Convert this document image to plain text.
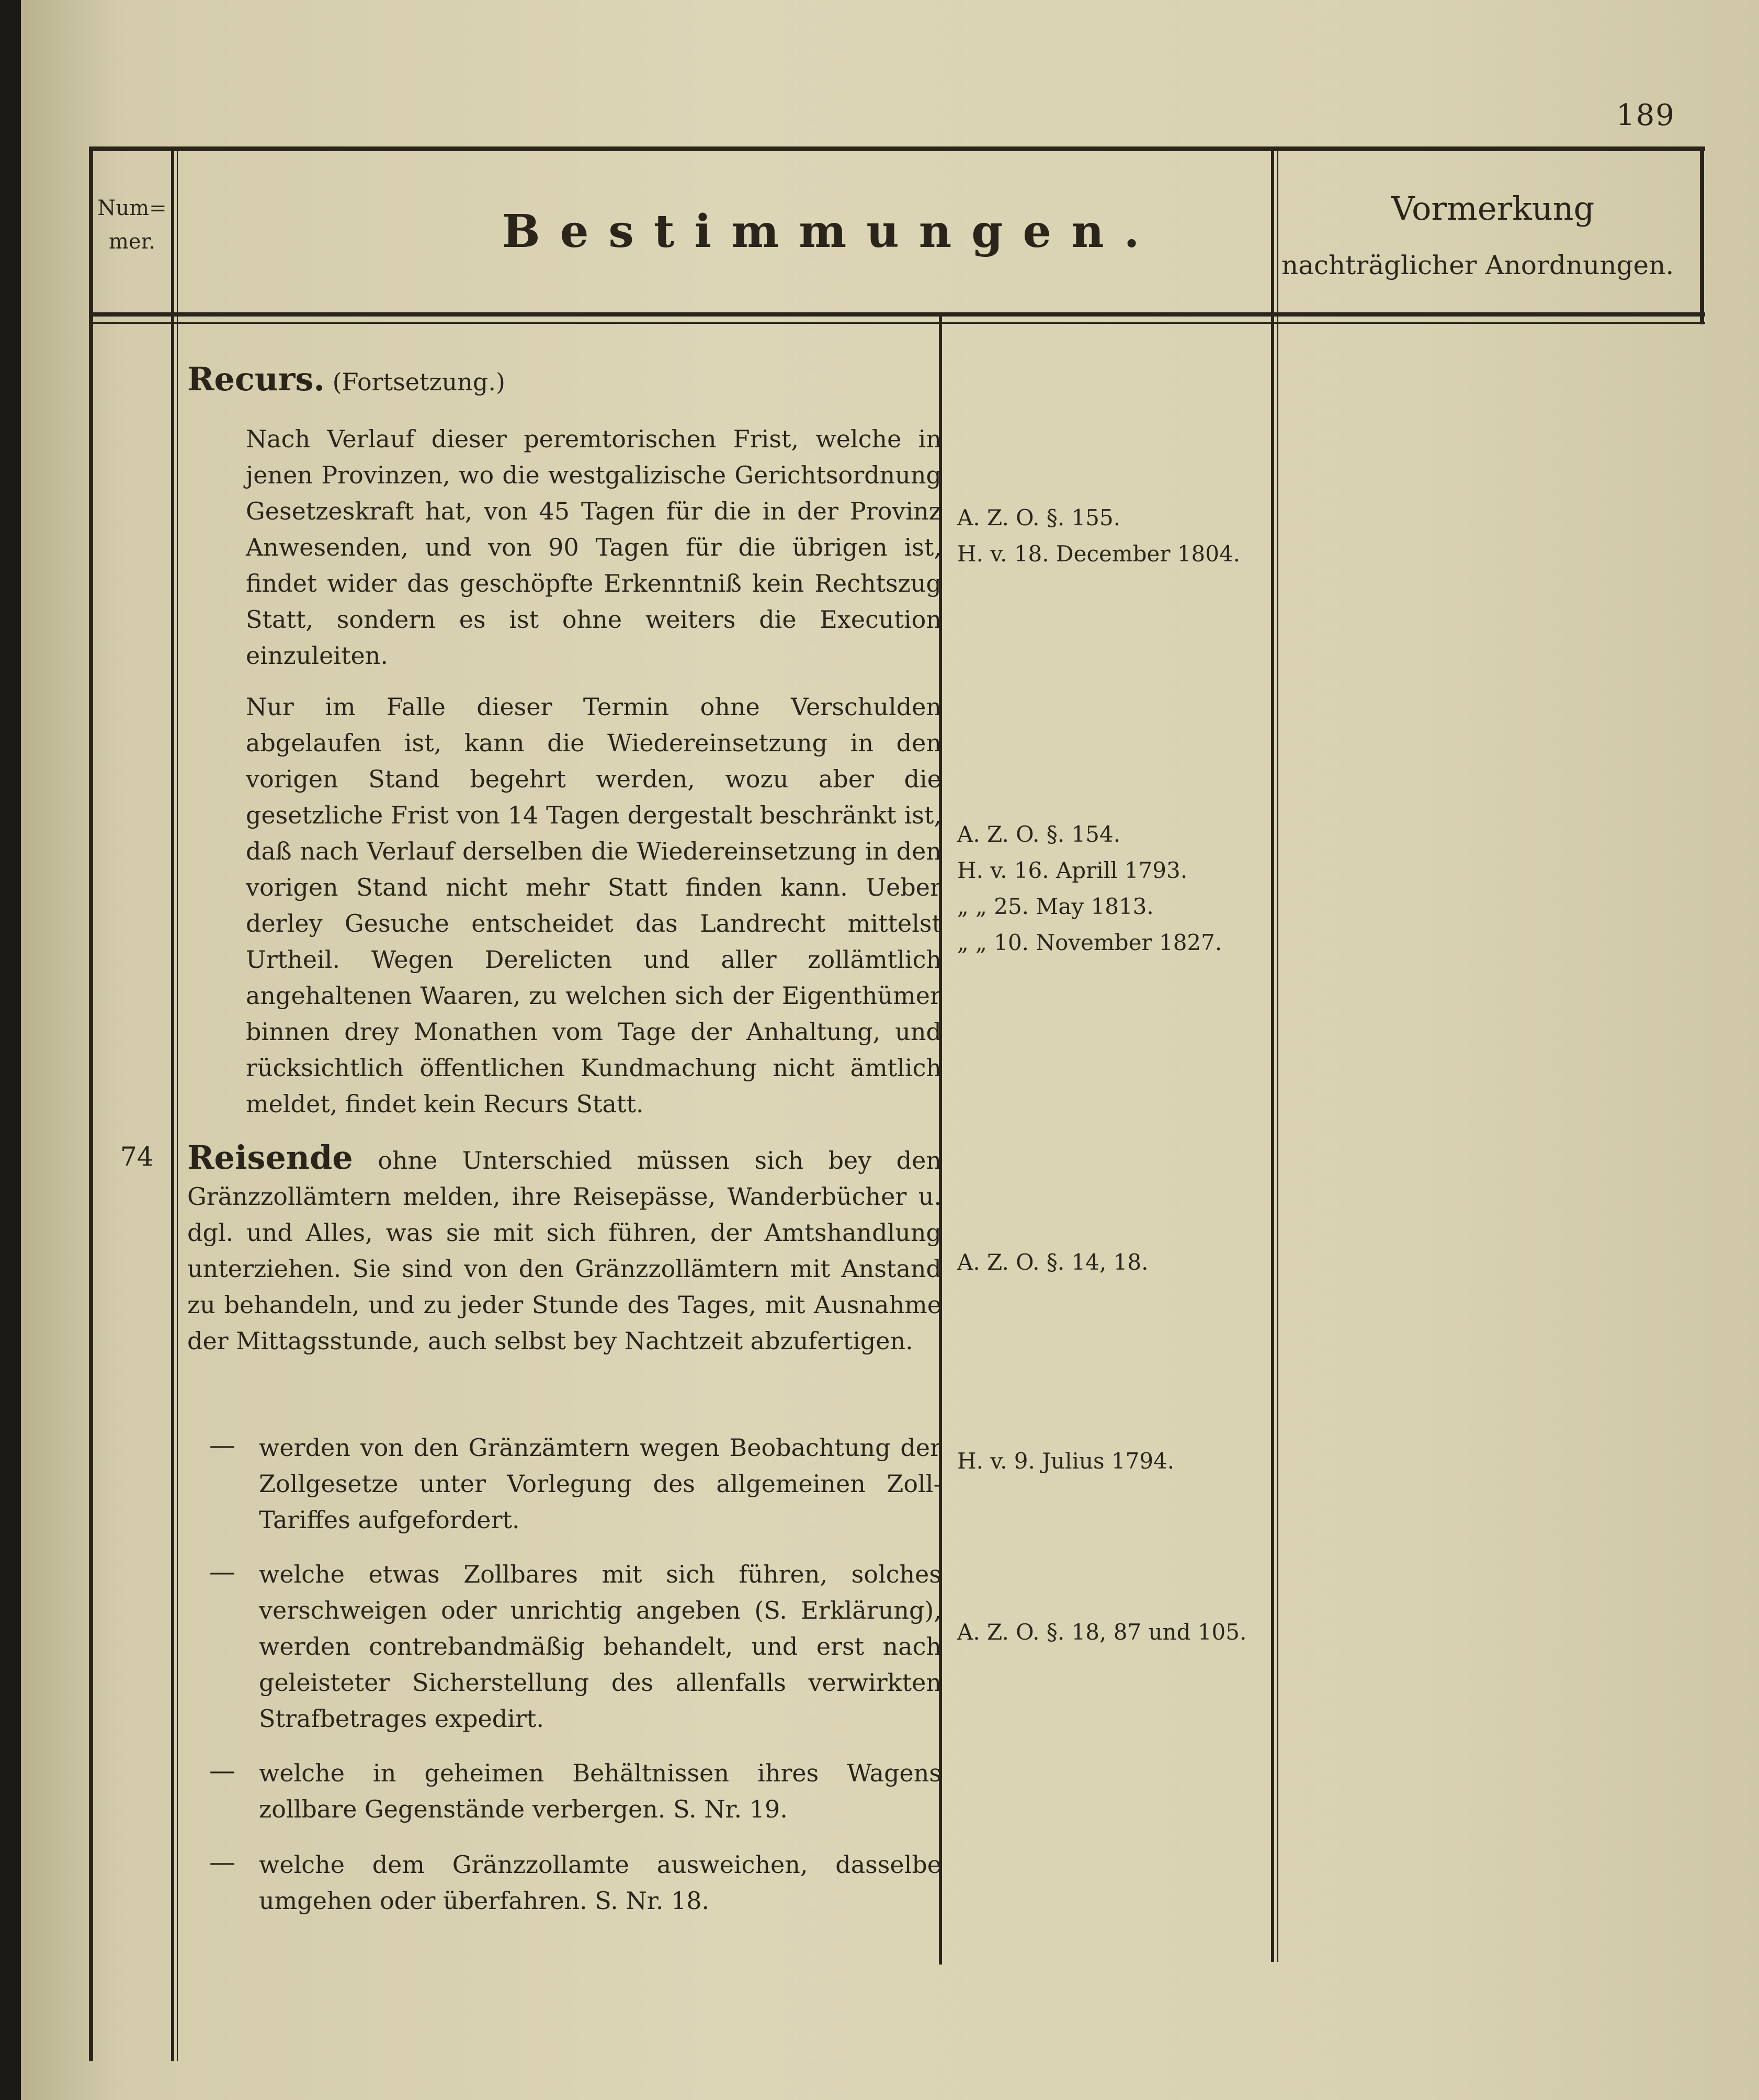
189
Num= mer.	Bestimmungen.	Vormerkung
nachträglicher Anordnungen.
Recurs. (Fortsetzung.)
Nach Verlauf dieser peremtorischen Frist, welche in jenen Provinzen, wo die westgalizische Gerichtsordnung Gesetzeskraft hat, von 45 Tagen für die in der Provinz Anwesenden, und von 90 Tagen für die übrigen ist, findet wider das geschöpfte Erkenntniß kein Rechtszug Statt, sondern es ist ohne weiters die Execution einzuleiten.
Nur im Falle dieser Termin ohne Verschulden abgelaufen ist, kann die Wiedereinsetzung in den vorigen Stand begehrt werden, wozu aber die gesetzliche Frist von 14 Tagen dergestalt beschränkt ist, daß nach Verlauf derselben die Wiedereinsetzung in den vorigen Stand nicht mehr Statt finden kann. Ueber derley Gesuche entscheidet das Landrecht mittelst Urtheil. Wegen Derelicten und aller zollämtlich angehaltenen Waaren, zu welchen sich der Eigenthümer binnen drey Monathen vom Tage der Anhaltung, und rücksichtlich öffentlichen Kundmachung nicht ämtlich meldet, findet kein Recurs Statt.
74 Reisende ohne Unterschied müssen sich bey den Gränzzollämtern melden, ihre Reisepässe, Wanderbücher u. dgl. und Alles, was sie mit sich führen, der Amtshandlung unterziehen. Sie sind von den Gränzzollämtern mit Anstand zu behandeln, und zu jeder Stunde des Tages, mit Ausnahme der Mittagsstunde, auch selbst bey Nachtzeit abzufertigen.
— werden von den Gränzämtern wegen Beobachtung der Zollgesetze unter Vorlegung des allgemeinen Zoll-Tariffes aufgefordert.
— welche etwas Zollbares mit sich führen, solches verschweigen oder unrichtig angeben (S. Erklärung), werden contrebandmäßig behandelt, und erst nach geleisteter Sicherstellung des allenfalls verwirkten Strafbetrages expedirt.
— welche in geheimen Behältnissen ihres Wagens zollbare Gegenstände verbergen. S. Nr. 19.
— welche dem Gränzzollamte ausweichen, dasselbe umgehen oder überfahren. S. Nr. 18.
A. Z. O. §. 155.
H. v. 18. December 1804.
A. Z. O. §. 154.
H. v. 16. Aprill 1793.
„ „ 25. May 1813.
„ „ 10. November 1827.
A. Z. O. §. 14, 18.
H. v. 9. Julius 1794.
A. Z. O. §. 18, 87 und 105.
